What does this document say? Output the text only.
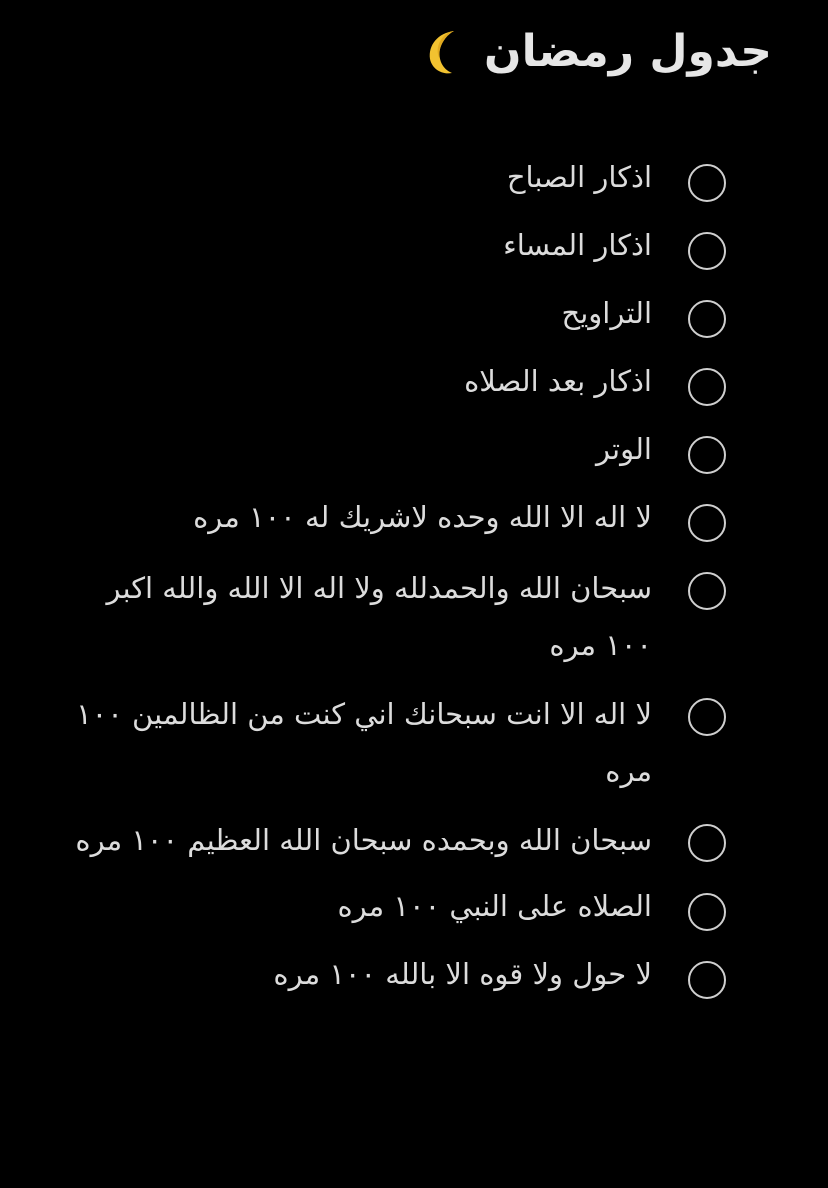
جدول رمضان
اذكار الصباح
اذكار المساء
التراويح
اذكار بعد الصلاه
الوتر
لا اله الا الله وحده لاشريك له ١٠٠ مره
سبحان الله والحمدلله ولا اله الا الله والله اكبر ١٠٠ مره
لا اله الا انت سبحانك اني كنت من الظالمين ١٠٠ مره
سبحان الله وبحمده سبحان الله العظيم ١٠٠ مره
الصلاه على النبي ١٠٠ مره
لا حول ولا قوه الا بالله ١٠٠ مره
